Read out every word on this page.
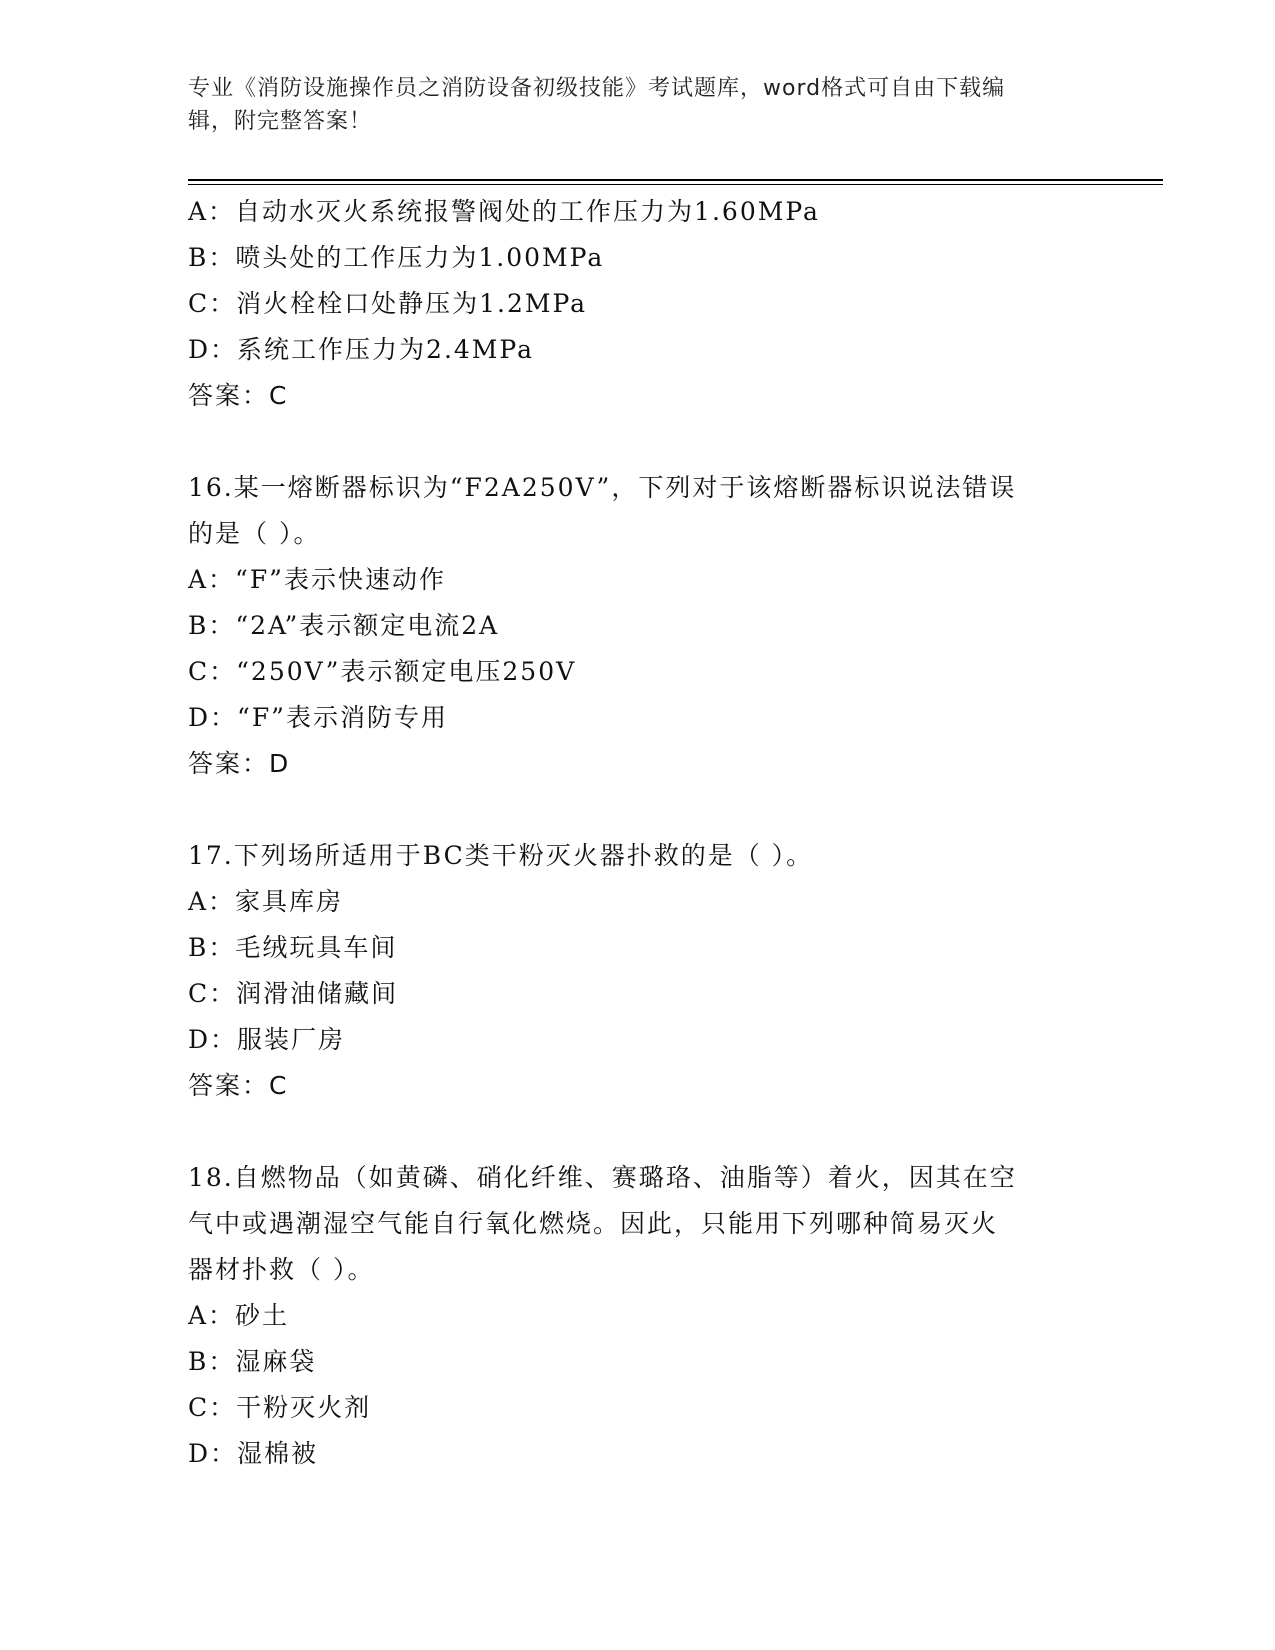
专业《消防设施操作员之消防设备初级技能》考试题库，word格式可自由下载编
辑，附完整答案！
A：自动水灭火系统报警阀处的工作压力为1.60MPa
B：喷头处的工作压力为1.00MPa
C：消火栓栓口处静压为1.2MPa
D：系统工作压力为2.4MPa
答案：C
16.某一熔断器标识为“F2A250V”，下列对于该熔断器标识说法错误
的是（ ）。
A：“F”表示快速动作
B：“2A”表示额定电流2A
C：“250V”表示额定电压250V
D：“F”表示消防专用
答案：D
17.下列场所适用于BC类干粉灭火器扑救的是（ ）。
A：家具库房
B：毛绒玩具车间
C：润滑油储藏间
D：服装厂房
答案：C
18.自燃物品（如黄磷、硝化纤维、赛璐珞、油脂等）着火，因其在空
气中或遇潮湿空气能自行氧化燃烧。因此，只能用下列哪种简易灭火
器材扑救（ ）。
A：砂土
B：湿麻袋
C：干粉灭火剂
D：湿棉被
